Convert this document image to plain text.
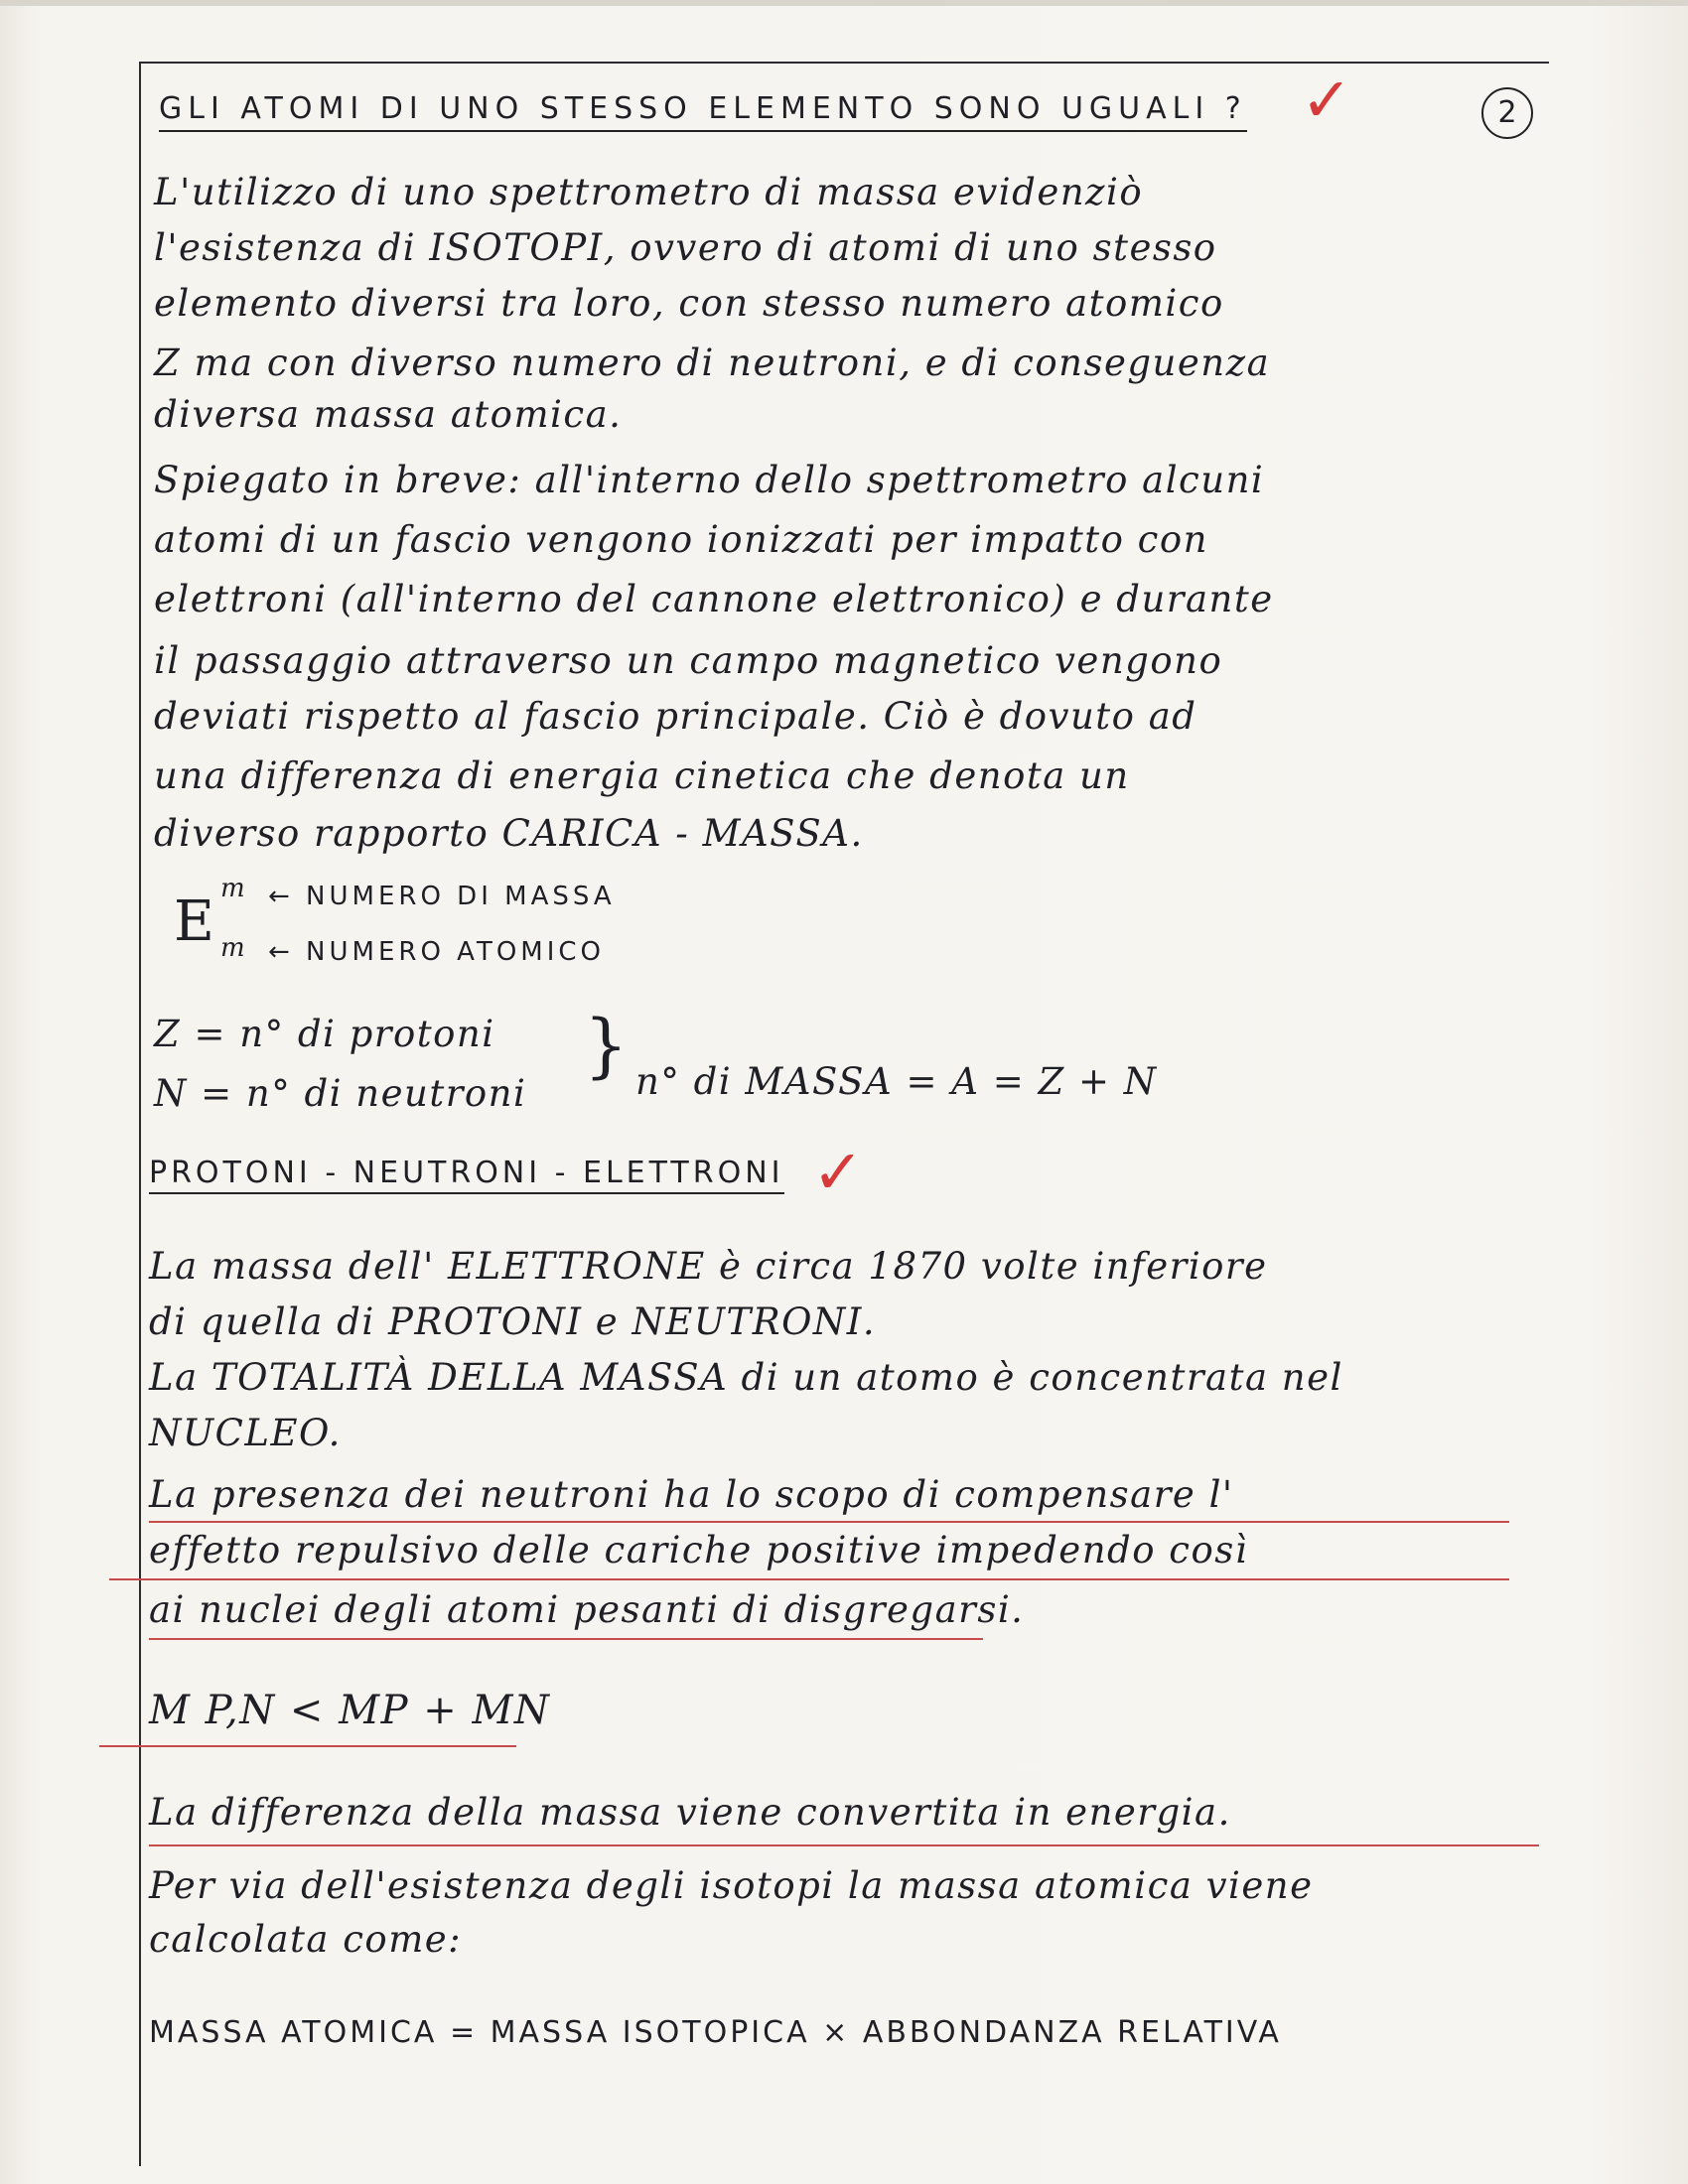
GLI ATOMI DI UNO STESSO ELEMENTO SONO UGUALI ? ✓	2
L'utilizzo di uno spettrometro di massa evidenziò
l'esistenza di ISOTOPI, ovvero di atomi di uno stesso
elemento diversi tra loro, con stesso numero atomico
Z ma con diverso numero di neutroni, e di conseguenza
diversa massa atomica.
Spiegato in breve: all'interno dello spettrometro alcuni
atomi di un fascio vengono ionizzati per impatto con
elettroni (all'interno del cannone elettronico) e durante
il passaggio attraverso un campo magnetico vengono
deviati rispetto al fascio principale. Ciò è dovuto ad
una differenza di energia cinetica che denota un
diverso rapporto CARICA - MASSA.
E
m
m
← NUMERO DI MASSA
← NUMERO ATOMICO
Z = n° di protoni
N = n° di neutroni
} n° di MASSA = A = Z + N
PROTONI - NEUTRONI - ELETTRONI ✓
La massa dell' ELETTRONE è circa 1870 volte inferiore
di quella di PROTONI e NEUTRONI.
La TOTALITÀ DELLA MASSA di un atomo è concentrata nel
NUCLEO.
La presenza dei neutroni ha lo scopo di compensare l'
effetto repulsivo delle cariche positive impedendo così
ai nuclei degli atomi pesanti di disgregarsi.
M P,N < MP + MN
La differenza della massa viene convertita in energia.
Per via dell'esistenza degli isotopi la massa atomica viene
calcolata come:
MASSA ATOMICA = MASSA ISOTOPICA × ABBONDANZA RELATIVA
